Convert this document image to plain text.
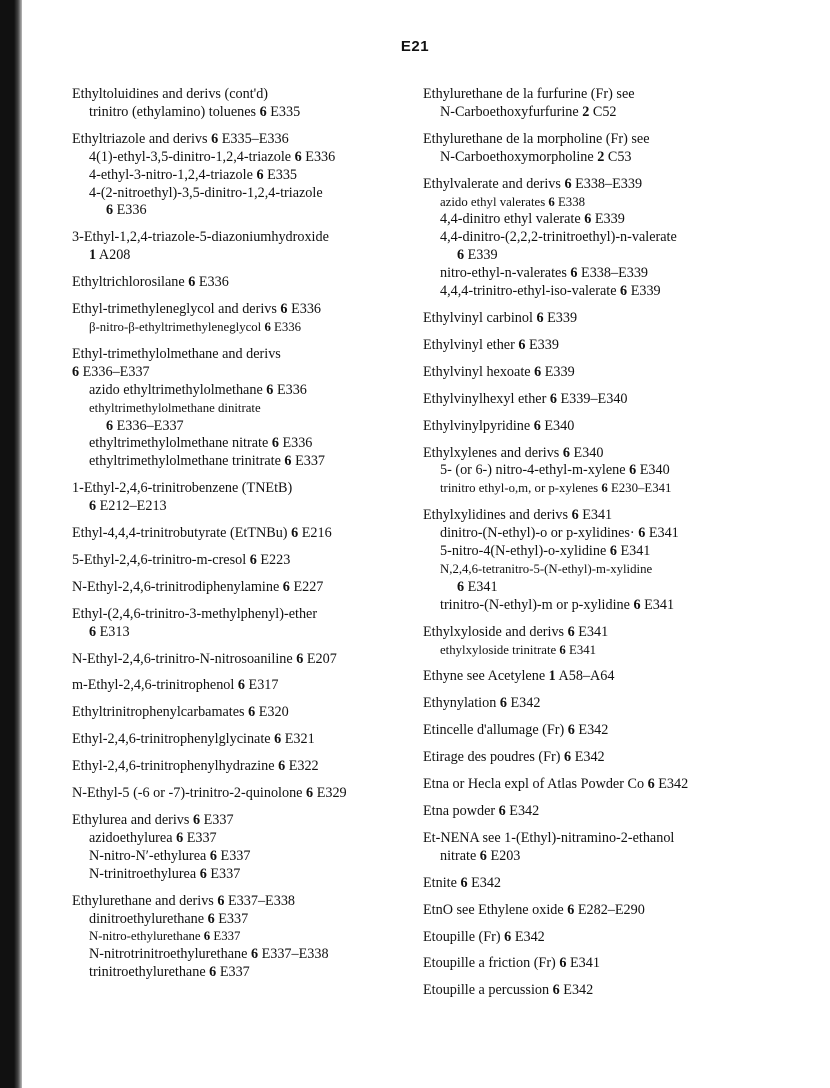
E21
Ethyltoluidines and derivs (cont'd)
trinitro (ethylamino) toluenes 6 E335
Ethyltriazole and derivs 6 E335–E336
4(1)-ethyl-3,5-dinitro-1,2,4-triazole 6 E336
4-ethyl-3-nitro-1,2,4-triazole 6 E335
4-(2-nitroethyl)-3,5-dinitro-1,2,4-triazole
6 E336
3-Ethyl-1,2,4-triazole-5-diazoniumhydroxide
1 A208
Ethyltrichlorosilane 6 E336
Ethyl-trimethyleneglycol and derivs 6 E336
β-nitro-β-ethyltrimethyleneglycol 6 E336
Ethyl-trimethylolmethane and derivs
6 E336–E337
azido ethyltrimethylolmethane 6 E336
ethyltrimethylolmethane dinitrate
6 E336–E337
ethyltrimethylolmethane nitrate 6 E336
ethyltrimethylolmethane trinitrate 6 E337
1-Ethyl-2,4,6-trinitrobenzene (TNEtB)
6 E212–E213
Ethyl-4,4,4-trinitrobutyrate (EtTNBu) 6 E216
5-Ethyl-2,4,6-trinitro-m-cresol 6 E223
N-Ethyl-2,4,6-trinitrodiphenylamine 6 E227
Ethyl-(2,4,6-trinitro-3-methylphenyl)-ether
6 E313
N-Ethyl-2,4,6-trinitro-N-nitrosoaniline 6 E207
m-Ethyl-2,4,6-trinitrophenol 6 E317
Ethyltrinitrophenylcarbamates 6 E320
Ethyl-2,4,6-trinitrophenylglycinate 6 E321
Ethyl-2,4,6-trinitrophenylhydrazine 6 E322
N-Ethyl-5 (-6 or -7)-trinitro-2-quinolone 6 E329
Ethylurea and derivs 6 E337
azidoethylurea 6 E337
N-nitro-N′-ethylurea 6 E337
N-trinitroethylurea 6 E337
Ethylurethane and derivs 6 E337–E338
dinitroethylurethane 6 E337
N-nitro-ethylurethane 6 E337
N-nitrotrinitroethylurethane 6 E337–E338
trinitroethylurethane 6 E337
Ethylurethane de la furfurine (Fr) see
N-Carboethoxyfurfurine 2 C52
Ethylurethane de la morpholine (Fr) see
N-Carboethoxymorpholine 2 C53
Ethylvalerate and derivs 6 E338–E339
azido ethyl valerates 6 E338
4,4-dinitro ethyl valerate 6 E339
4,4-dinitro-(2,2,2-trinitroethyl)-n-valerate
6 E339
nitro-ethyl-n-valerates 6 E338–E339
4,4,4-trinitro-ethyl-iso-valerate 6 E339
Ethylvinyl carbinol 6 E339
Ethylvinyl ether 6 E339
Ethylvinyl hexoate 6 E339
Ethylvinylhexyl ether 6 E339–E340
Ethylvinylpyridine 6 E340
Ethylxylenes and derivs 6 E340
5- (or 6-) nitro-4-ethyl-m-xylene 6 E340
trinitro ethyl-o,m, or p-xylenes 6 E230–E341
Ethylxylidines and derivs 6 E341
dinitro-(N-ethyl)-o or p-xylidines· 6 E341
5-nitro-4(N-ethyl)-o-xylidine 6 E341
N,2,4,6-tetranitro-5-(N-ethyl)-m-xylidine
6 E341
trinitro-(N-ethyl)-m or p-xylidine 6 E341
Ethylxyloside and derivs 6 E341
ethylxyloside trinitrate 6 E341
Ethyne see Acetylene 1 A58–A64
Ethynylation 6 E342
Etincelle d'allumage (Fr) 6 E342
Etirage des poudres (Fr) 6 E342
Etna or Hecla expl of Atlas Powder Co 6 E342
Etna powder 6 E342
Et-NENA see 1-(Ethyl)-nitramino-2-ethanol
nitrate 6 E203
Etnite 6 E342
EtnO see Ethylene oxide 6 E282–E290
Etoupille (Fr) 6 E342
Etoupille a friction (Fr) 6 E341
Etoupille a percussion 6 E342
